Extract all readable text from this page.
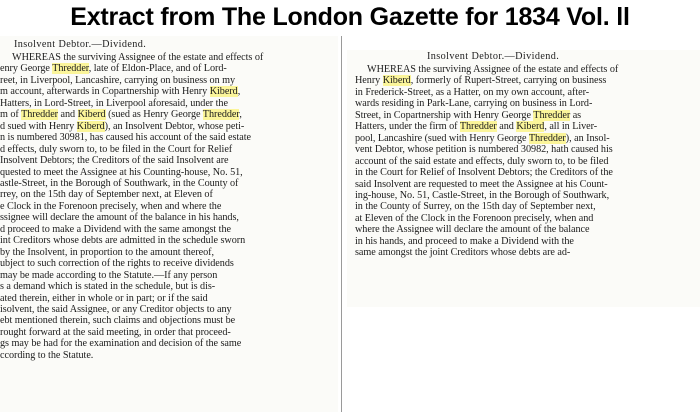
Extract from The London Gazette for 1834 Vol. ll
Insolvent Debtor.—Dividend.
WHEREAS the surviving Assignee of the estate and effects of
enry George Thredder, late of Eldon-Place, and of Lord-
reet, in Liverpool, Lancashire, carrying on business on my
m account, afterwards in Copartnership with Henry Kiberd,
Hatters, in Lord-Street, in Liverpool aforesaid, under the
m of Thredder and Kiberd (sued as Henry George Thredder,
d sued with Henry Kiberd), an Insolvent Debtor, whose peti-
n is numbered 30981, has caused his account of the said estate
d effects, duly sworn to, to be filed in the Court for Relief
Insolvent Debtors; the Creditors of the said Insolvent are
quested to meet the Assignee at his Counting-house, No. 51,
astle-Street, in the Borough of Southwark, in the County of
rrey, on the 15th day of September next, at Eleven of
e Clock in the Forenoon precisely, when and where the
ssignee will declare the amount of the balance in his hands,
d proceed to make a Dividend with the same amongst the
int Creditors whose debts are admitted in the schedule sworn
by the Insolvent, in proportion to the amount thereof,
ubject to such correction of the rights to receive dividends
may be made according to the Statute.—If any person
s a demand which is stated in the schedule, but is dis-
ated therein, either in whole or in part; or if the said
isolvent, the said Assignee, or any Creditor objects to any
ebt mentioned therein, such claims and objections must be
rought forward at the said meeting, in order that proceed-
gs may be had for the examination and decision of the same
ccording to the Statute.
Insolvent Debtor.—Dividend.
WHEREAS the surviving Assignee of the estate and effects of
Henry Kiberd, formerly of Rupert-Street, carrying on business
in Frederick-Street, as a Hatter, on my own account, after-
wards residing in Park-Lane, carrying on business in Lord-
Street, in Copartnership with Henry George Thredder as
Hatters, under the firm of Thredder and Kiberd, all in Liver-
pool, Lancashire (sued with Henry George Thredder), an Insol-
vent Debtor, whose petition is numbered 30982, hath caused his
account of the said estate and effects, duly sworn to, to be filed
in the Court for Relief of Insolvent Debtors; the Creditors of the
said Insolvent are requested to meet the Assignee at his Count-
ing-house, No. 51, Castle-Street, in the Borough of Southwark,
in the County of Surrey, on the 15th day of September next,
at Eleven of the Clock in the Forenoon precisely, when and
where the Assignee will declare the amount of the balance
in his hands, and proceed to make a Dividend with the
same amongst the joint Creditors whose debts are ad-
